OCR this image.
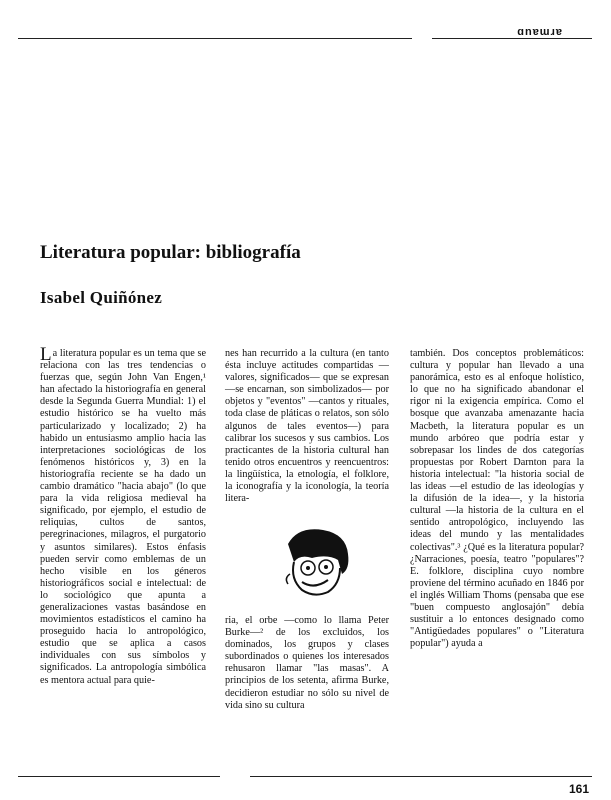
ɑnɐɯɹɐ
Literatura popular: bibliografía
Isabel Quiñónez

La literatura popular es un tema que se relaciona con las tres tendencias o fuerzas que, según John Van Engen,¹ han afectado la historiografía en general desde la Segunda Guerra Mundial: 1) el estudio histórico se ha vuelto más particularizado y localizado; 2) ha habido un entusiasmo amplio hacia las interpretaciones sociológicas de los fenómenos históricos y, 3) en la historiografía reciente se ha dado un cambio dramático "hacia abajo" (lo que para la vida religiosa medieval ha significado, por ejemplo, el estudio de reliquias, cultos de santos, peregrinaciones, milagros, el purgatorio y asuntos similares). Estos énfasis pueden servir como emblemas de un hecho visible en los géneros historiográficos social e intelectual: de lo sociológico que apunta a generalizaciones vastas basándose en movimientos estadísticos el camino ha proseguido hacia lo antropológico, estudio que se aplica a casos individuales con sus símbolos y significados. La antropología simbólica es mentora actual para quie-

nes han recurrido a la cultura (en tanto ésta incluye actitudes compartidas —valores, significados— que se expresan —se encarnan, son simbolizados— por objetos y "eventos" —cantos y rituales, toda clase de pláticas o relatos, son sólo algunos de tales eventos—) para calibrar los sucesos y sus cambios. Los practicantes de la historia cultural han tenido otros encuentros y reencuentros: la lingüística, la etnología, el folklore, la iconografía y la iconología, la teoría litera-

ria, el orbe —como lo llama Peter Burke—² de los excluidos, los dominados, los grupos y clases subordinados o quienes los interesados rehusaron llamar "las masas". A principios de los setenta, afirma Burke, decidieron estudiar no sólo su nivel de vida sino su cultura

también. Dos conceptos problemáticos: cultura y popular han llevado a una panorámica, esto es al enfoque holístico, lo que no ha significado abandonar el rigor ni la exigencia empírica. Como el bosque que avanzaba amenazante hacia Macbeth, la literatura popular es un mundo arbóreo que podría estar y sobrepasar los lindes de dos categorías propuestas por Robert Darnton para la historia intelectual: "la historia social de las ideas —el estudio de las ideologías y la difusión de la idea—, y la historia cultural —la historia de la cultura en el sentido antropológico, incluyendo las ideas del mundo y las mentalidades colectivas".³ ¿Qué es la literatura popular? ¿Narraciones, poesía, teatro "populares"? E. folklore, disciplina cuyo nombre proviene del término acuñado en 1846 por el inglés William Thoms (pensaba que ese "buen compuesto anglosajón" debía sustituir a lo entonces designado como "Antigüedades populares" o "Literatura popular") ayuda a

161
